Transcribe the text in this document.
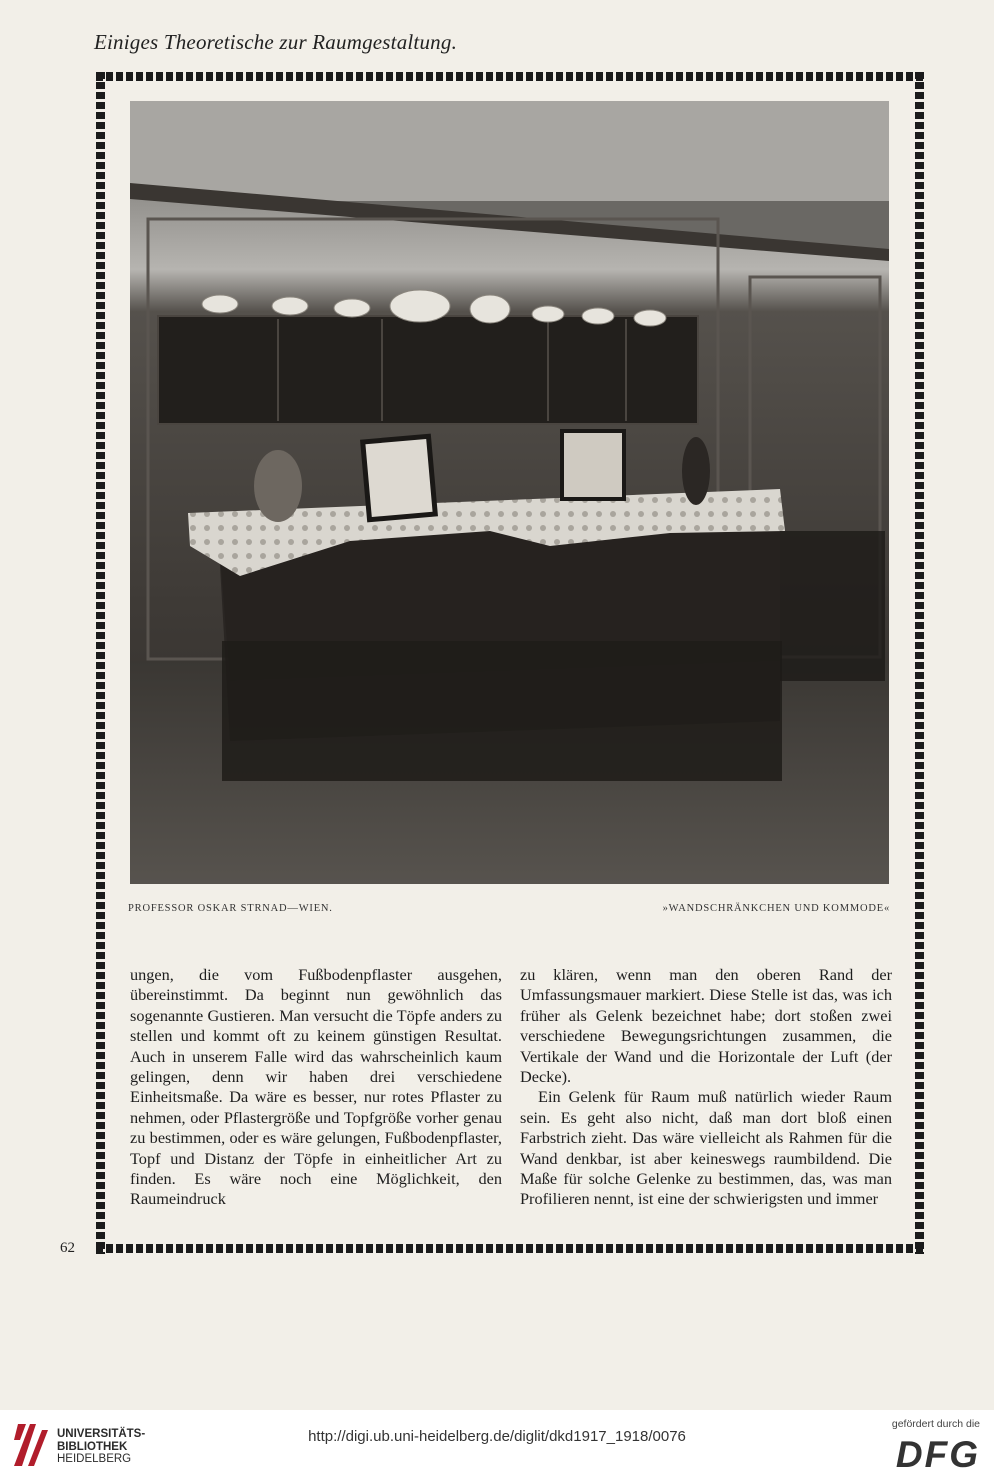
Einiges Theoretische zur Raumgestaltung.
PROFESSOR OSKAR STRNAD—WIEN.	»WANDSCHRÄNKCHEN UND KOMMODE«

ungen, die vom Fußbodenpflaster ausgehen, übereinstimmt. Da beginnt nun gewöhnlich das sogenannte Gustieren. Man versucht die Töpfe anders zu stellen und kommt oft zu keinem günstigen Resultat. Auch in unserem Falle wird das wahrscheinlich kaum gelingen, denn wir haben drei verschiedene Einheitsmaße. Da wäre es besser, nur rotes Pflaster zu nehmen, oder Pflastergröße und Topfgröße vorher genau zu bestimmen, oder es wäre gelungen, Fußbodenpflaster, Topf und Distanz der Töpfe in einheitlicher Art zu finden. Es wäre noch eine Möglichkeit, den Raumeindruck

zu klären, wenn man den oberen Rand der Umfassungsmauer markiert. Diese Stelle ist das, was ich früher als Gelenk bezeichnet habe; dort stoßen zwei verschiedene Bewegungsrichtungen zusammen, die Vertikale der Wand und die Horizontale der Luft (der Decke).

Ein Gelenk für Raum muß natürlich wieder Raum sein. Es geht also nicht, daß man dort bloß einen Farbstrich zieht. Das wäre vielleicht als Rahmen für die Wand denkbar, ist aber keineswegs raumbildend. Die Maße für solche Gelenke zu bestimmen, das, was man Profilieren nennt, ist eine der schwierigsten und immer

62
UNIVERSITÄTS-
BIBLIOTHEK
HEIDELBERG
http://digi.ub.uni-heidelberg.de/diglit/dkd1917_1918/0076
gefördert durch die
DFG
